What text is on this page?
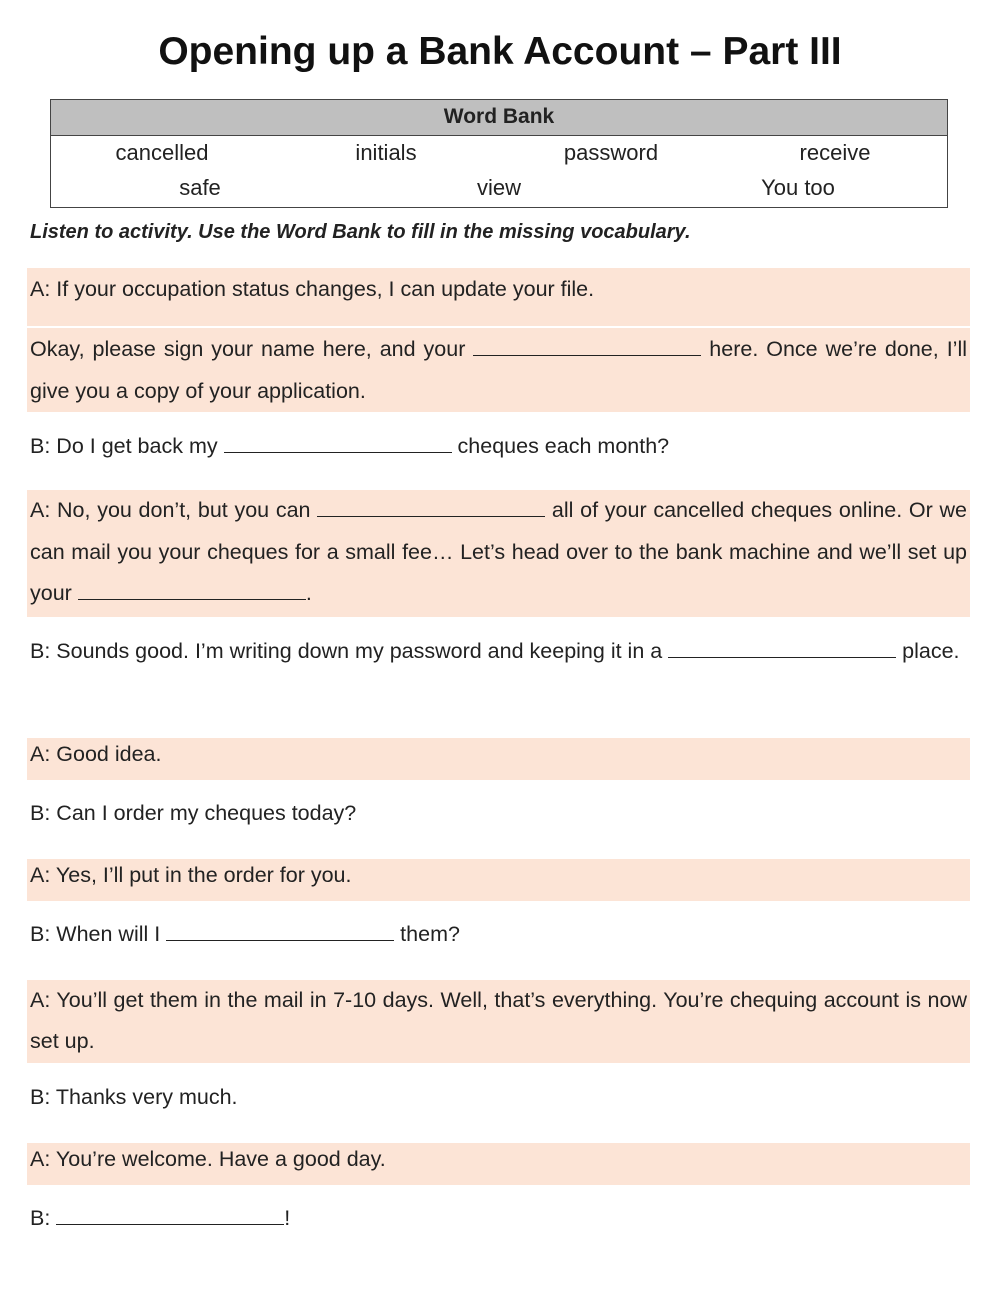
Opening up a Bank Account – Part III
Word Bank
cancelled	initials	password	receive
safe	view	You too
Listen to activity. Use the Word Bank to fill in the missing vocabulary.
A: If your occupation status changes, I can update your file.
Okay, please sign your name here, and your	here. Once we’re done, I’ll give you a copy of your application.
B: Do I get back my	cheques each month?
A: No, you don’t, but you can	all of your cancelled cheques online. Or we can mail you your cheques for a small fee… Let’s head over to the bank machine and we’ll set up your	.
B: Sounds good. I’m writing down my password and keeping it in a	place.
A: Good idea.
B: Can I order my cheques today?
A: Yes, I’ll put in the order for you.
B: When will I	them?
A: You’ll get them in the mail in 7-10 days. Well, that’s everything. You’re chequing account is now set up.
B: Thanks very much.
A: You’re welcome. Have a good day.
B:	!
